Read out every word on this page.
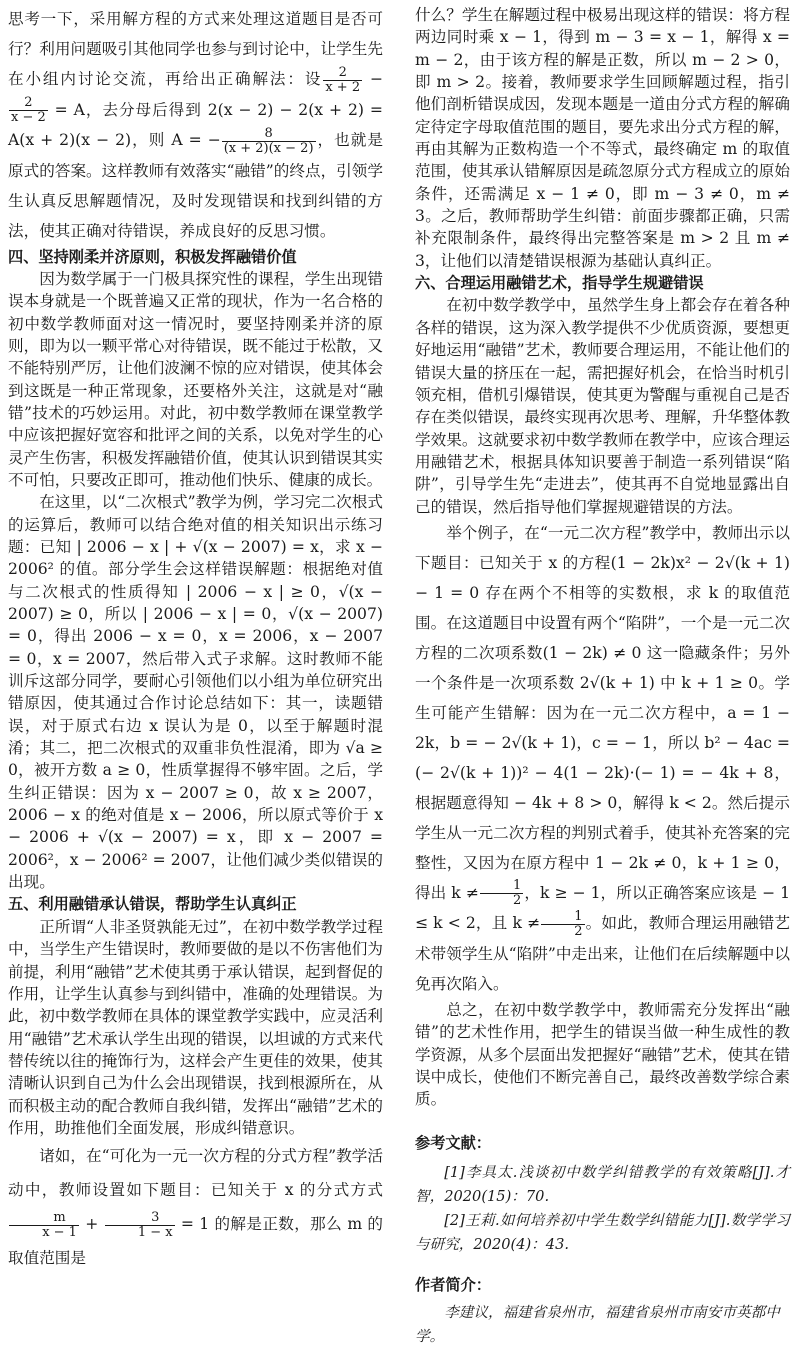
思考一下，采用解方程的方式来处理这道题目是否可行？利用问题吸引其他同学也参与到讨论中，让学生先在小组内讨论交流，再给出正确解法：设 $\frac{2}{x + 2}$ −
$\frac{2}{x - 2} = A$，去分母后得到 2(x − 2) − 2(x + 2) = A(x + 2)(x − 2)，则 A = − $\frac{8}{(x + 2)(x - 2)}$ ，也就是原式的答案。这样教师有效落实“融错”的终点，引领学生认真反思解题情况，及时发现错误和找到纠错的方法，使其正确对待错误，养成良好的反思习惯。

四、坚持刚柔并济原则，积极发挥融错价值

因为数学属于一门极具探究性的课程，学生出现错误本身就是一个既普遍又正常的现状，作为一名合格的初中数学教师面对这一情况时，要坚持刚柔并济的原则，即为以一颗平常心对待错误，既不能过于松散，又不能特别严厉，让他们波澜不惊的应对错误，使其体会到这既是一种正常现象，还要格外关注，这就是对“融错”技术的巧妙运用。对此，初中数学教师在课堂教学中应该把握好宽容和批评之间的关系，以免对学生的心灵产生伤害，积极发挥融错价值，使其认识到错误其实不可怕，只要改正即可，推动他们快乐、健康的成长。

在这里，以“二次根式”教学为例，学习完二次根式的运算后，教师可以结合绝对值的相关知识出示练习题：已知 | 2006 − x | + √(x − 2007) = x，求 x − 2006² 的值。部分学生会这样错误解题：根据绝对值与二次根式的性质得知 | 2006 − x | ≥ 0，√(x − 2007) ≥ 0，所以 | 2006 − x | = 0，√(x − 2007) = 0，得出 2006 − x = 0，x = 2006，x − 2007 = 0，x = 2007，然后带入式子求解。这时教师不能训斥这部分同学，要耐心引领他们以小组为单位研究出错原因，使其通过合作讨论总结如下：其一，读题错误，对于原式右边 x 误认为是 0，以至于解题时混淆；其二，把二次根式的双重非负性混淆，即为 √a ≥ 0，被开方数 a ≥ 0，性质掌握得不够牢固。之后，学生纠正错误：因为 x − 2007 ≥ 0，故 x ≥ 2007，2006 − x 的绝对值是 x − 2006，所以原式等价于 x − 2006 + √(x − 2007) = x，即 x − 2007 = 2006²，x − 2006² = 2007，让他们减少类似错误的出现。

五、利用融错承认错误，帮助学生认真纠正

正所谓“人非圣贤孰能无过”，在初中数学教学过程中，当学生产生错误时，教师要做的是以不伤害他们为前提，利用“融错”艺术使其勇于承认错误，起到督促的作用，让学生认真参与到纠错中，准确的处理错误。为此，初中数学教师在具体的课堂教学实践中，应灵活利用“融错”艺术承认学生出现的错误，以坦诚的方式来代替传统以往的掩饰行为，这样会产生更佳的效果，使其清晰认识到自己为什么会出现错误，找到根源所在，从而积极主动的配合教师自我纠错，发挥出“融错”艺术的作用，助推他们全面发展，形成纠错意识。

诸如，在“可化为一元一次方程的分式方程”教学活动中，教师设置如下题目：已知关于 x 的分式方式
$\frac{m}{x - 1} + \frac{3}{1 - x} = 1$ 的解是正数，那么 m 的取值范围是

什么？学生在解题过程中极易出现这样的错误：将方程两边同时乘 x − 1，得到 m − 3 = x − 1，解得 x = m − 2，由于该方程的解是正数，所以 m − 2 > 0，即 m > 2。接着，教师要求学生回顾解题过程，指引他们剖析错误成因，发现本题是一道由分式方程的解确定待定字母取值范围的题目，要先求出分式方程的解，再由其解为正数构造一个不等式，最终确定 m 的取值范围，使其承认错解原因是疏忽原分式方程成立的原始条件，还需满足 x − 1 ≠ 0，即 m − 3 ≠ 0，m ≠ 3。之后，教师帮助学生纠错：前面步骤都正确，只需补充限制条件，最终得出完整答案是 m > 2 且 m ≠ 3，让他们以清楚错误根源为基础认真纠正。

六、合理运用融错艺术，指导学生规避错误

在初中数学教学中，虽然学生身上都会存在着各种各样的错误，这为深入教学提供不少优质资源，要想更好地运用“融错”艺术，教师要合理运用，不能让他们的错误大量的挤压在一起，需把握好机会，在恰当时机引领充相，借机引爆错误，使其更为警醒与重视自己是否存在类似错误，最终实现再次思考、理解，升华整体教学效果。这就要求初中数学教师在教学中，应该合理运用融错艺术，根据具体知识要善于制造一系列错误“陷阱”，引导学生先“走进去”，使其再不自觉地显露出自己的错误，然后指导他们掌握规避错误的方法。

举个例子，在“一元二次方程”教学中，教师出示以下题目：已知关于 x 的方程(1 − 2k)x² − 2√(k + 1) − 1 = 0 存在两个不相等的实数根，求 k 的取值范围。在这道题目中设置有两个“陷阱”，一个是一元二次方程的二次项系数(1 − 2k) ≠ 0 这一隐藏条件；另外一个条件是一次项系数 2√(k + 1) 中 k + 1 ≥ 0。学生可能产生错解：因为在一元二次方程中，a = 1 − 2k，b = − 2√(k + 1)，c = − 1，所以 b² − 4ac = (− 2√(k + 1))² − 4(1 − 2k)·(− 1) = − 4k + 8，根据题意得知 − 4k + 8 > 0，解得 k < 2。然后提示学生从一元二次方程的判别式着手，使其补充答案的完整性，又因为在原方程中 1 − 2k ≠ 0，k + 1 ≥ 0，得出 $k \ne \frac{1}{2}$ ，k ≥ − 1，所以正确答案应该是 − 1 ≤ k < 2，且 $k \ne \frac{1}{2}$ 。如此，教师合理运用融错艺术带领学生从“陷阱”中走出来，让他们在后续解题中以免再次陷入。

总之，在初中数学教学中，教师需充分发挥出“融错”的艺术性作用，把学生的错误当做一种生成性的教学资源，从多个层面出发把握好“融错”艺术，使其在错误中成长，使他们不断完善自己，最终改善数学综合素质。

参考文献：

[1]李具太.浅谈初中数学纠错教学的有效策略[J].才智，2020(15)：70.

[2]王莉.如何培养初中学生数学纠错能力[J].数学学习与研究，2020(4)：43.

作者简介：

李建议，福建省泉州市，福建省泉州市南安市英都中学。
